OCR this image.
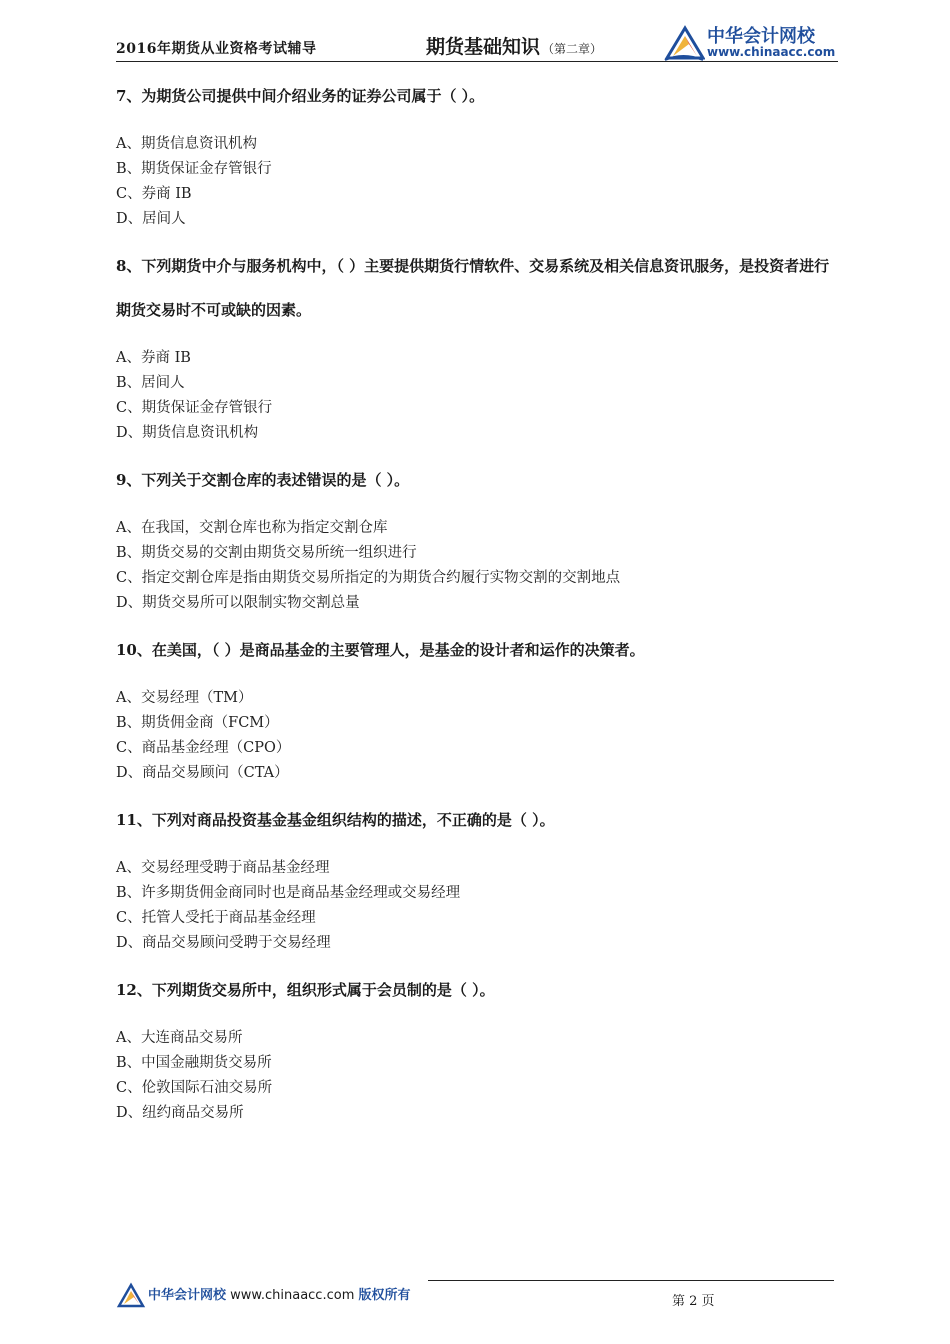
2016年期货从业资格考试辅导	期货基础知识 （第二章）
中华会计网校
www.chinaacc.com

7、为期货公司提供中间介绍业务的证券公司属于（ ）。

A、期货信息资讯机构

B、期货保证金存管银行

C、券商 IB

D、居间人

8、下列期货中介与服务机构中，（ ）主要提供期货行情软件、交易系统及相关信息资讯服务，是投资者进行期货交易时不可或缺的因素。

A、券商 IB

B、居间人

C、期货保证金存管银行

D、期货信息资讯机构

9、下列关于交割仓库的表述错误的是（ ）。

A、在我国，交割仓库也称为指定交割仓库

B、期货交易的交割由期货交易所统一组织进行

C、指定交割仓库是指由期货交易所指定的为期货合约履行实物交割的交割地点

D、期货交易所可以限制实物交割总量

10、在美国，（ ）是商品基金的主要管理人，是基金的设计者和运作的决策者。

A、交易经理（TM）

B、期货佣金商（FCM）

C、商品基金经理（CPO）

D、商品交易顾问（CTA）

11、下列对商品投资基金基金组织结构的描述，不正确的是（ ）。

A、交易经理受聘于商品基金经理

B、许多期货佣金商同时也是商品基金经理或交易经理

C、托管人受托于商品基金经理

D、商品交易顾问受聘于交易经理

12、下列期货交易所中，组织形式属于会员制的是（ ）。

A、大连商品交易所

B、中国金融期货交易所

C、伦敦国际石油交易所

D、纽约商品交易所

中华会计网校 www.chinaacc.com 版权所有	第 2 页
